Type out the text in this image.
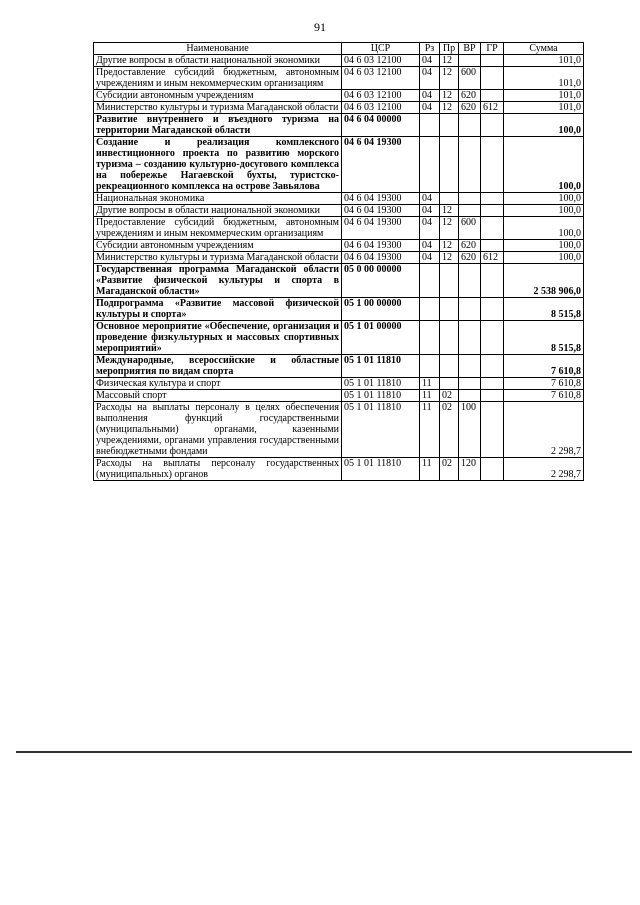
91
Наименование	ЦСР	Рз	Пр	ВР	ГР	Сумма
Другие вопросы в области национальной экономики	04 6 03 12100	04	12			101,0
Предоставление субсидий бюджетным, автономным учреждениям и иным некоммерческим организациям	04 6 03 12100	04	12	600		101,0
Субсидии автономным учреждениям	04 6 03 12100	04	12	620		101,0
Министерство культуры и туризма Магаданской области	04 6 03 12100	04	12	620	612	101,0
Развитие внутреннего и въездного туризма на территории Магаданской области	04 6 04 00000					100,0
Создание и реализация комплексного инвестиционного проекта по развитию морского туризма – созданию культурно-досугового комплекса на побережье Нагаевской бухты, туристско-рекреационного комплекса на острове Завьялова	04 6 04 19300					100,0
Национальная экономика	04 6 04 19300	04				100,0
Другие вопросы в области национальной экономики	04 6 04 19300	04	12			100,0
Предоставление субсидий бюджетным, автономным учреждениям и иным некоммерческим организациям	04 6 04 19300	04	12	600		100,0
Субсидии автономным учреждениям	04 6 04 19300	04	12	620		100,0
Министерство культуры и туризма Магаданской области	04 6 04 19300	04	12	620	612	100,0
Государственная программа Магаданской области «Развитие физической культуры и спорта в Магаданской области»	05 0 00 00000					2 538 906,0
Подпрограмма «Развитие массовой физической культуры и спорта»	05 1 00 00000					8 515,8
Основное мероприятие «Обеспечение, организация и проведение физкультурных и массовых спортивных мероприятий»	05 1 01 00000					8 515,8
Международные, всероссийские и областные мероприятия по видам спорта	05 1 01 11810					7 610,8
Физическая культура и спорт	05 1 01 11810	11				7 610,8
Массовый спорт	05 1 01 11810	11	02			7 610,8
Расходы на выплаты персоналу в целях обеспечения выполнения функций государственными (муниципальными) органами, казенными учреждениями, органами управления государственными внебюджетными фондами	05 1 01 11810	11	02	100		2 298,7
Расходы на выплаты персоналу государственных (муниципальных) органов	05 1 01 11810	11	02	120		2 298,7
